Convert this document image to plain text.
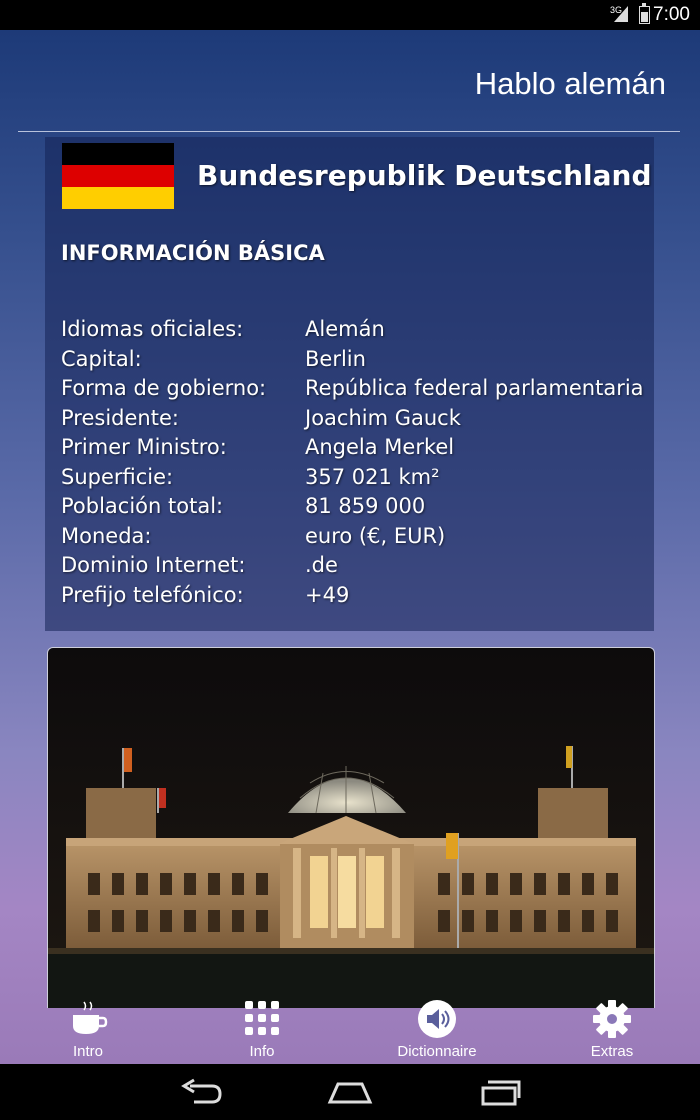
3G 7:00
Hablo alemán
Bundesrepublik Deutschland
INFORMACIÓN BÁSICA
Idiomas oficiales:	Alemán
Capital:	Berlin
Forma de gobierno: República federal parlamentaria
Presidente:	Joachim Gauck
Primer Ministro:	Angela Merkel
Superficie:	357 021 km²
Población total:	81 859 000
Moneda:	euro (€, EUR)
Dominio Internet:	.de
Prefijo telefónico:	+49
Intro	Info	Dictionnaire	Extras
